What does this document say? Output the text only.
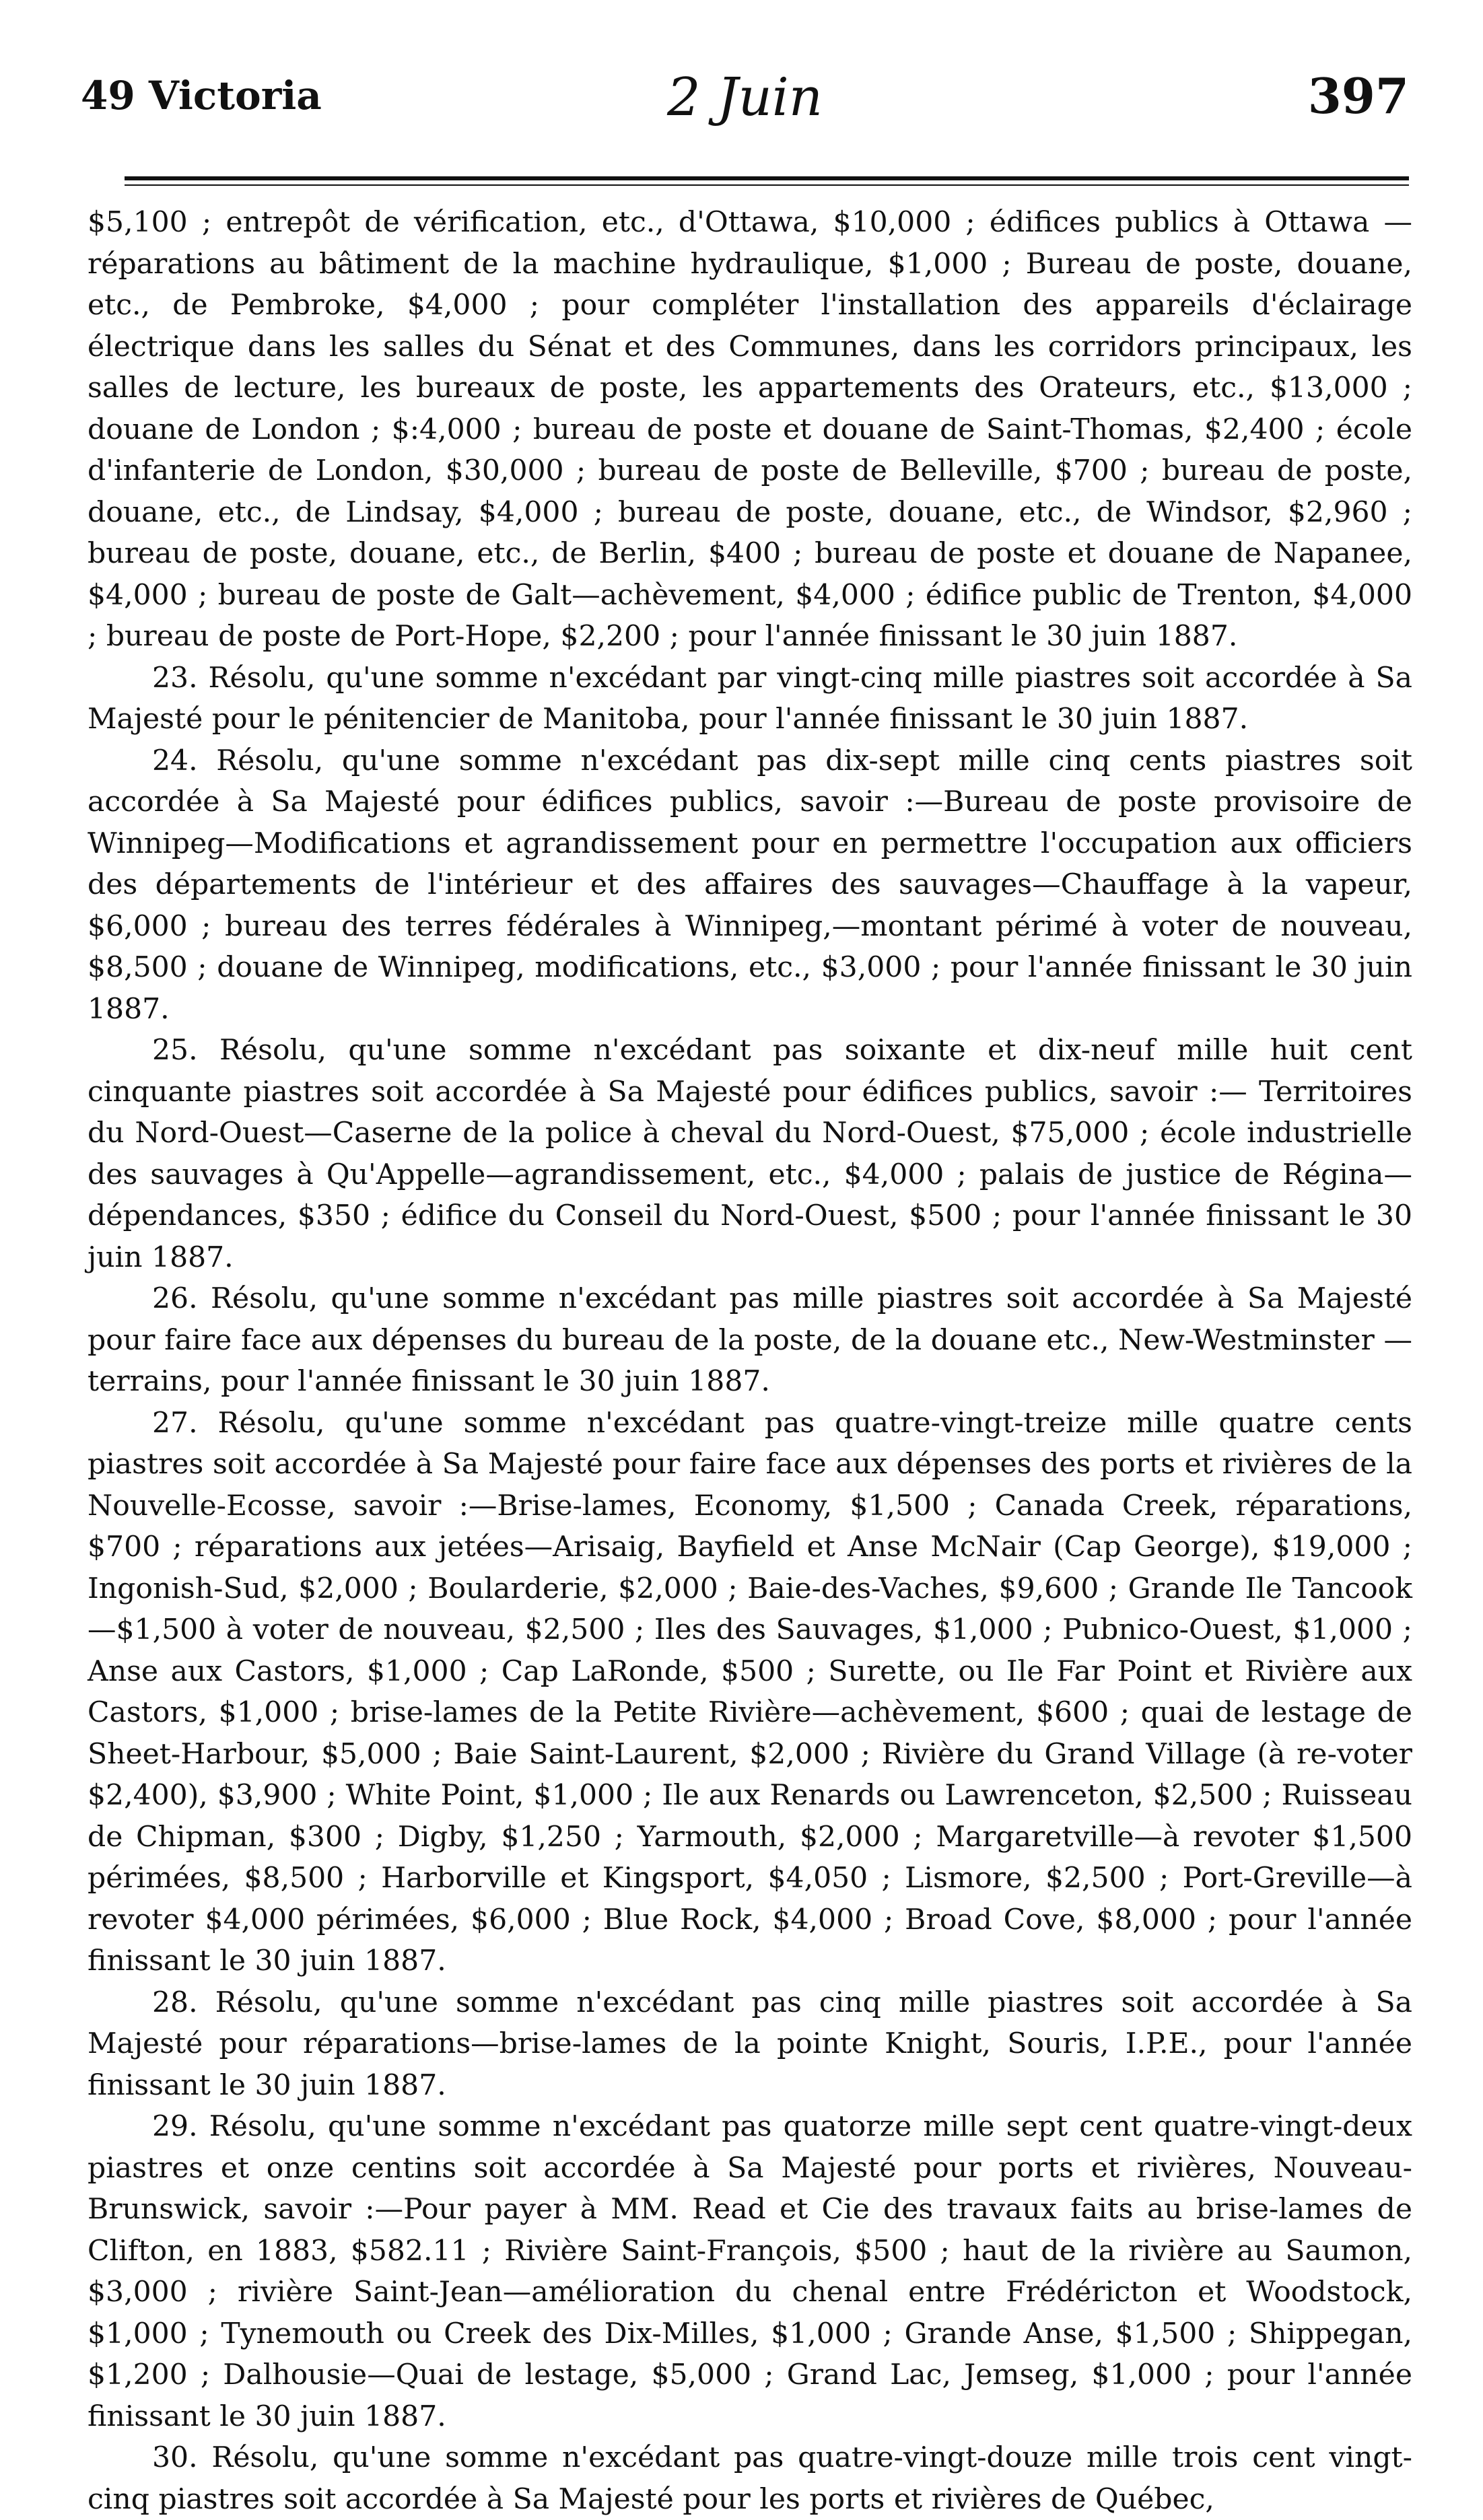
49 Victoria	2 Juin	397

$5,100 ; entrepôt de vérification, etc., d'Ottawa, $10,000 ; édifices publics à Ottawa —réparations au bâtiment de la machine hydraulique, $1,000 ; Bureau de poste, douane, etc., de Pembroke, $4,000 ; pour compléter l'installation des appareils d'éclairage électrique dans les salles du Sénat et des Communes, dans les corridors principaux, les salles de lecture, les bureaux de poste, les appartements des Orateurs, etc., $13,000 ; douane de London ; $:4,000 ; bureau de poste et douane de Saint-Thomas, $2,400 ; école d'infanterie de London, $30,000 ; bureau de poste de Belleville, $700 ; bureau de poste, douane, etc., de Lindsay, $4,000 ; bureau de poste, douane, etc., de Windsor, $2,960 ; bureau de poste, douane, etc., de Berlin, $400 ; bureau de poste et douane de Napanee, $4,000 ; bureau de poste de Galt—achèvement, $4,000 ; édifice public de Trenton, $4,000 ; bureau de poste de Port-Hope, $2,200 ; pour l'année finissant le 30 juin 1887.

23. Résolu, qu'une somme n'excédant par vingt-cinq mille piastres soit accordée à Sa Majesté pour le pénitencier de Manitoba, pour l'année finissant le 30 juin 1887.

24. Résolu, qu'une somme n'excédant pas dix-sept mille cinq cents piastres soit accordée à Sa Majesté pour édifices publics, savoir :—Bureau de poste provisoire de Winnipeg—Modifications et agrandissement pour en permettre l'occupation aux officiers des départements de l'intérieur et des affaires des sauvages—Chauffage à la vapeur, $6,000 ; bureau des terres fédérales à Winnipeg,—montant périmé à voter de nouveau, $8,500 ; douane de Winnipeg, modifications, etc., $3,000 ; pour l'année finissant le 30 juin 1887.

25. Résolu, qu'une somme n'excédant pas soixante et dix-neuf mille huit cent cinquante piastres soit accordée à Sa Majesté pour édifices publics, savoir :— Territoires du Nord-Ouest—Caserne de la police à cheval du Nord-Ouest, $75,000 ; école industrielle des sauvages à Qu'Appelle—agrandissement, etc., $4,000 ; palais de justice de Régina—dépendances, $350 ; édifice du Conseil du Nord-Ouest, $500 ; pour l'année finissant le 30 juin 1887.

26. Résolu, qu'une somme n'excédant pas mille piastres soit accordée à Sa Majesté pour faire face aux dépenses du bureau de la poste, de la douane etc., New-Westminster —terrains, pour l'année finissant le 30 juin 1887.

27. Résolu, qu'une somme n'excédant pas quatre-vingt-treize mille quatre cents piastres soit accordée à Sa Majesté pour faire face aux dépenses des ports et rivières de la Nouvelle-Ecosse, savoir :—Brise-lames, Economy, $1,500 ; Canada Creek, réparations, $700 ; réparations aux jetées—Arisaig, Bayfield et Anse McNair (Cap George), $19,000 ; Ingonish-Sud, $2,000 ; Boularderie, $2,000 ; Baie-des-Vaches, $9,600 ; Grande Ile Tancook—$1,500 à voter de nouveau, $2,500 ; Iles des Sauvages, $1,000 ; Pubnico-Ouest, $1,000 ; Anse aux Castors, $1,000 ; Cap LaRonde, $500 ; Surette, ou Ile Far Point et Rivière aux Castors, $1,000 ; brise-lames de la Petite Rivière—achèvement, $600 ; quai de lestage de Sheet-Harbour, $5,000 ; Baie Saint-Laurent, $2,000 ; Rivière du Grand Village (à re-voter $2,400), $3,900 ; White Point, $1,000 ; Ile aux Renards ou Lawrenceton, $2,500 ; Ruisseau de Chipman, $300 ; Digby, $1,250 ; Yarmouth, $2,000 ; Margaretville—à revoter $1,500 périmées, $8,500 ; Harborville et Kingsport, $4,050 ; Lismore, $2,500 ; Port-Greville—à revoter $4,000 périmées, $6,000 ; Blue Rock, $4,000 ; Broad Cove, $8,000 ; pour l'année finissant le 30 juin 1887.

28. Résolu, qu'une somme n'excédant pas cinq mille piastres soit accordée à Sa Majesté pour réparations—brise-lames de la pointe Knight, Souris, I.P.E., pour l'année finissant le 30 juin 1887.

29. Résolu, qu'une somme n'excédant pas quatorze mille sept cent quatre-vingt-deux piastres et onze centins soit accordée à Sa Majesté pour ports et rivières, Nouveau-Brunswick, savoir :—Pour payer à MM. Read et Cie des travaux faits au brise-lames de Clifton, en 1883, $582.11 ; Rivière Saint-François, $500 ; haut de la rivière au Saumon, $3,000 ; rivière Saint-Jean—amélioration du chenal entre Frédéricton et Woodstock, $1,000 ; Tynemouth ou Creek des Dix-Milles, $1,000 ; Grande Anse, $1,500 ; Shippegan, $1,200 ; Dalhousie—Quai de lestage, $5,000 ; Grand Lac, Jemseg, $1,000 ; pour l'année finissant le 30 juin 1887.

30. Résolu, qu'une somme n'excédant pas quatre-vingt-douze mille trois cent vingt-cinq piastres soit accordée à Sa Majesté pour les ports et rivières de Québec,
